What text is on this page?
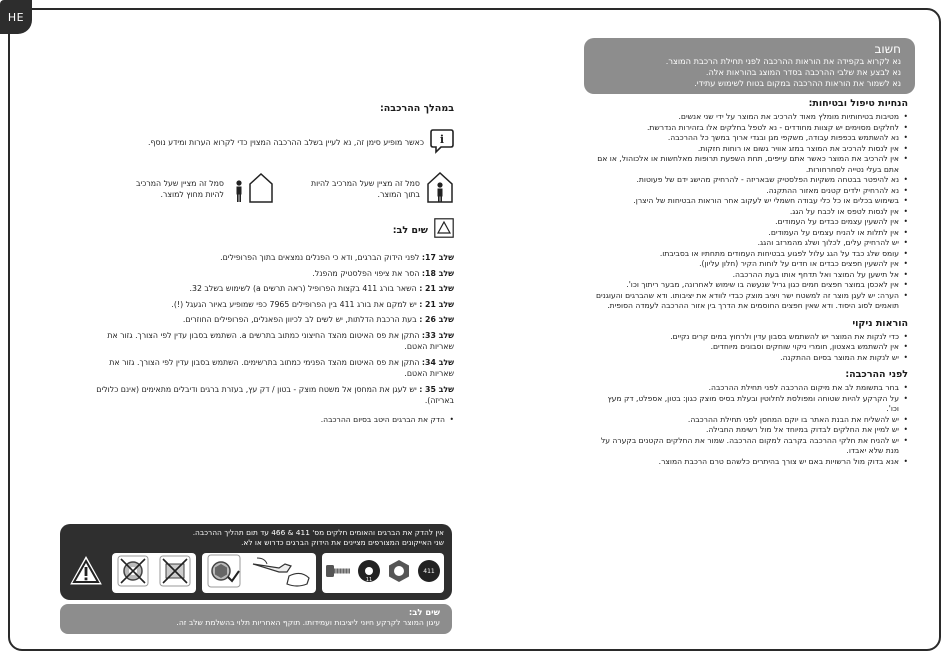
HE
חשוב
נא לקרוא בקפידה את הוראות ההרכבה לפני תחילת הרכבת המוצר.
נא לבצע את שלבי ההרכבה בסדר המוצג בהוראות אלה.
נא לשמור את הוראות ההרכבה במקום בטוח לשימוש עתידי.
הנחיות טיפול ובטיחות:
• מטיבות בטיחותיות מומלץ מאוד להרכיב את המוצר על ידי שני אנשים.
• לחלקים מסוימים יש קצוות מחודדים - נא לטפל בחלקים אלו בזהירות הנדרשת.
• נא להשתמש בכפפות עבודה, משקפי מגן ובגדי ארוך במשך כל ההרכבה.
• אין לנסות להרכיב את המוצר במזג אוויר גשום או רוחות חזקות.
• אין להרכיב את המוצר כאשר אתם עייפים, תחת השפעת תרופות מאלחשות או אלכוהול, או אם אתם בעלי נטייה לסחרחורות.
• נא להיפטר בבטחה משקיות הפלסטיק שבאריזה - להרחיק מהישג ידם של פעוטות.
• נא להרחיק ילדים קטנים מאזור ההתקנה.
• בשימוש בכלים או כל כלי עבודה חשמלי יש לעקוב אחר הוראות הבטיחות של היצרן.
• אין לנסות לטפס או לכבח על הגג.
• אין להשעין עצמים כבדים על העמודים.
• אין לתלות או להניח עצמים על העמודים.
• יש להרחיק עלים, לכלוך ושלג מהמרזב והגג.
• עומס שלג כבד על הגג עלול לפגוע בבטיחות העמודים מתחתיו או בסביבתו.
• אין להשעין חפצים כבדים או חדים על לוחות הקיר (חלון עליון).
• אל תישען על המוצר ואל תדחף אותו בעת ההרכבה.
• אין לאכסן במוצר חפצים חמים כגון גריל שנעשה בו שימוש לאחרונה, מבער ריתוך וכו'.
• הערה: יש לעגן מוצר זה למשטח ישר ויציב מוצק כבדי לוודא את יציבותו. ודא שהברגים והעוגנים תואמים לסוג היסוד. ודא שאין חפצים החוסמים את הדרך בין אזור ההרכבה לעמדה הסופית.
הוראות ניקוי
• כדי לנקות את המוצר יש להשתמש בסבון עדין ולרחוץ במים קרים נקיים.
• אין להשתמש באצטון, חומרי ניקוי שוחקים וסבונים מיוחדים.
• יש לנקות את המוצר בסיום ההתקנה.
לפני ההרכבה:
• בחר בתשומת לב את מיקום ההרכבה לפני תחילת ההרכבה.
• על הקרקע להיות שטוחה ומפולסת לחלוטין ובעלת בסיס מוצק כגון: בטון, אספלט, דק מעץ וכו'.
• יש להשליח את הבנת האתר בו יוקם המחסן לפני תחילת ההרכבה.
• יש למיין את החלקים לבדוק במיוחד אל מול רשימת החבילה.
• יש להניח את חלקי ההרכבה בקרבה למקום ההרכבה. שמור את החלקים הקטנים בקערה על מנת שלא יאבדו.
• אנא בדוק מול הרשויות באם יש צורך בהיתרים כלשהם טרם הרכבת המוצר.
במהלך ההרכבה:
i
כאשר מופיע סימן זה, נא לעיין בשלב ההרכבה המצוין כדי לקרוא הערות ומידע נוסף.
סמל זה מציין שעל המרכיב להיות בתוך המוצר.
סמל זה מציין שעל המרכיב להיות מחוץ למוצר.
שים לב:
שלב 17: לפני הידוק הברגים, ודא כי הפנלים נמצאים בתוך הפרופילים.
שלב 18: הסר את ציפוי הפלסטיק מהפנל.
שלב 21 : השאר בורג 411 בקצות הפרופיל (ראה תרשים a) לשימוש בשלב 32.
שלב 21 : יש למקם את בורג 411 בין הפרופילים 7965 כפי שמופיע באיור הגעגל (!).
שלב 26 : בעת הרכבת הדלתות, יש לשים לב לכיוון הפאנלים, הפרופילים החוזרים.
שלב 33: התקן את פס האיטום מהצד החיצוני כמתוב בתרשים a. השתמש בסבון עדין לפי הצורך. גזור את שאריות האטם.
שלב 34: התקן את פס האיטום מהצד הפנימי כמתוב בתרשימים. השתמש בסבון עדין לפי הצורך. גזור את שאריות האטם.
שלב 35 : יש לעגן את המחסן אל משטח מוצק - בטון / דק עץ, בעזרת ברגים ודיבלים מתאימים (אינם כלולים באריזה).
• הדק את הברגים היטב בסיום ההרכבה.
אין להדק את הברגים והאומים חלקים מס' 411 & 466 עד תום תהליך ההרכבה.
שני האייקונים המצורפים מציינים את הידוק הברגים כדרוש או לא.
11
411
שים לב:
עיגון המוצר לקרקע חיוני ליציבות ועמידותו. תוקף האחריות תלוי בהשלמת שלב זה.
